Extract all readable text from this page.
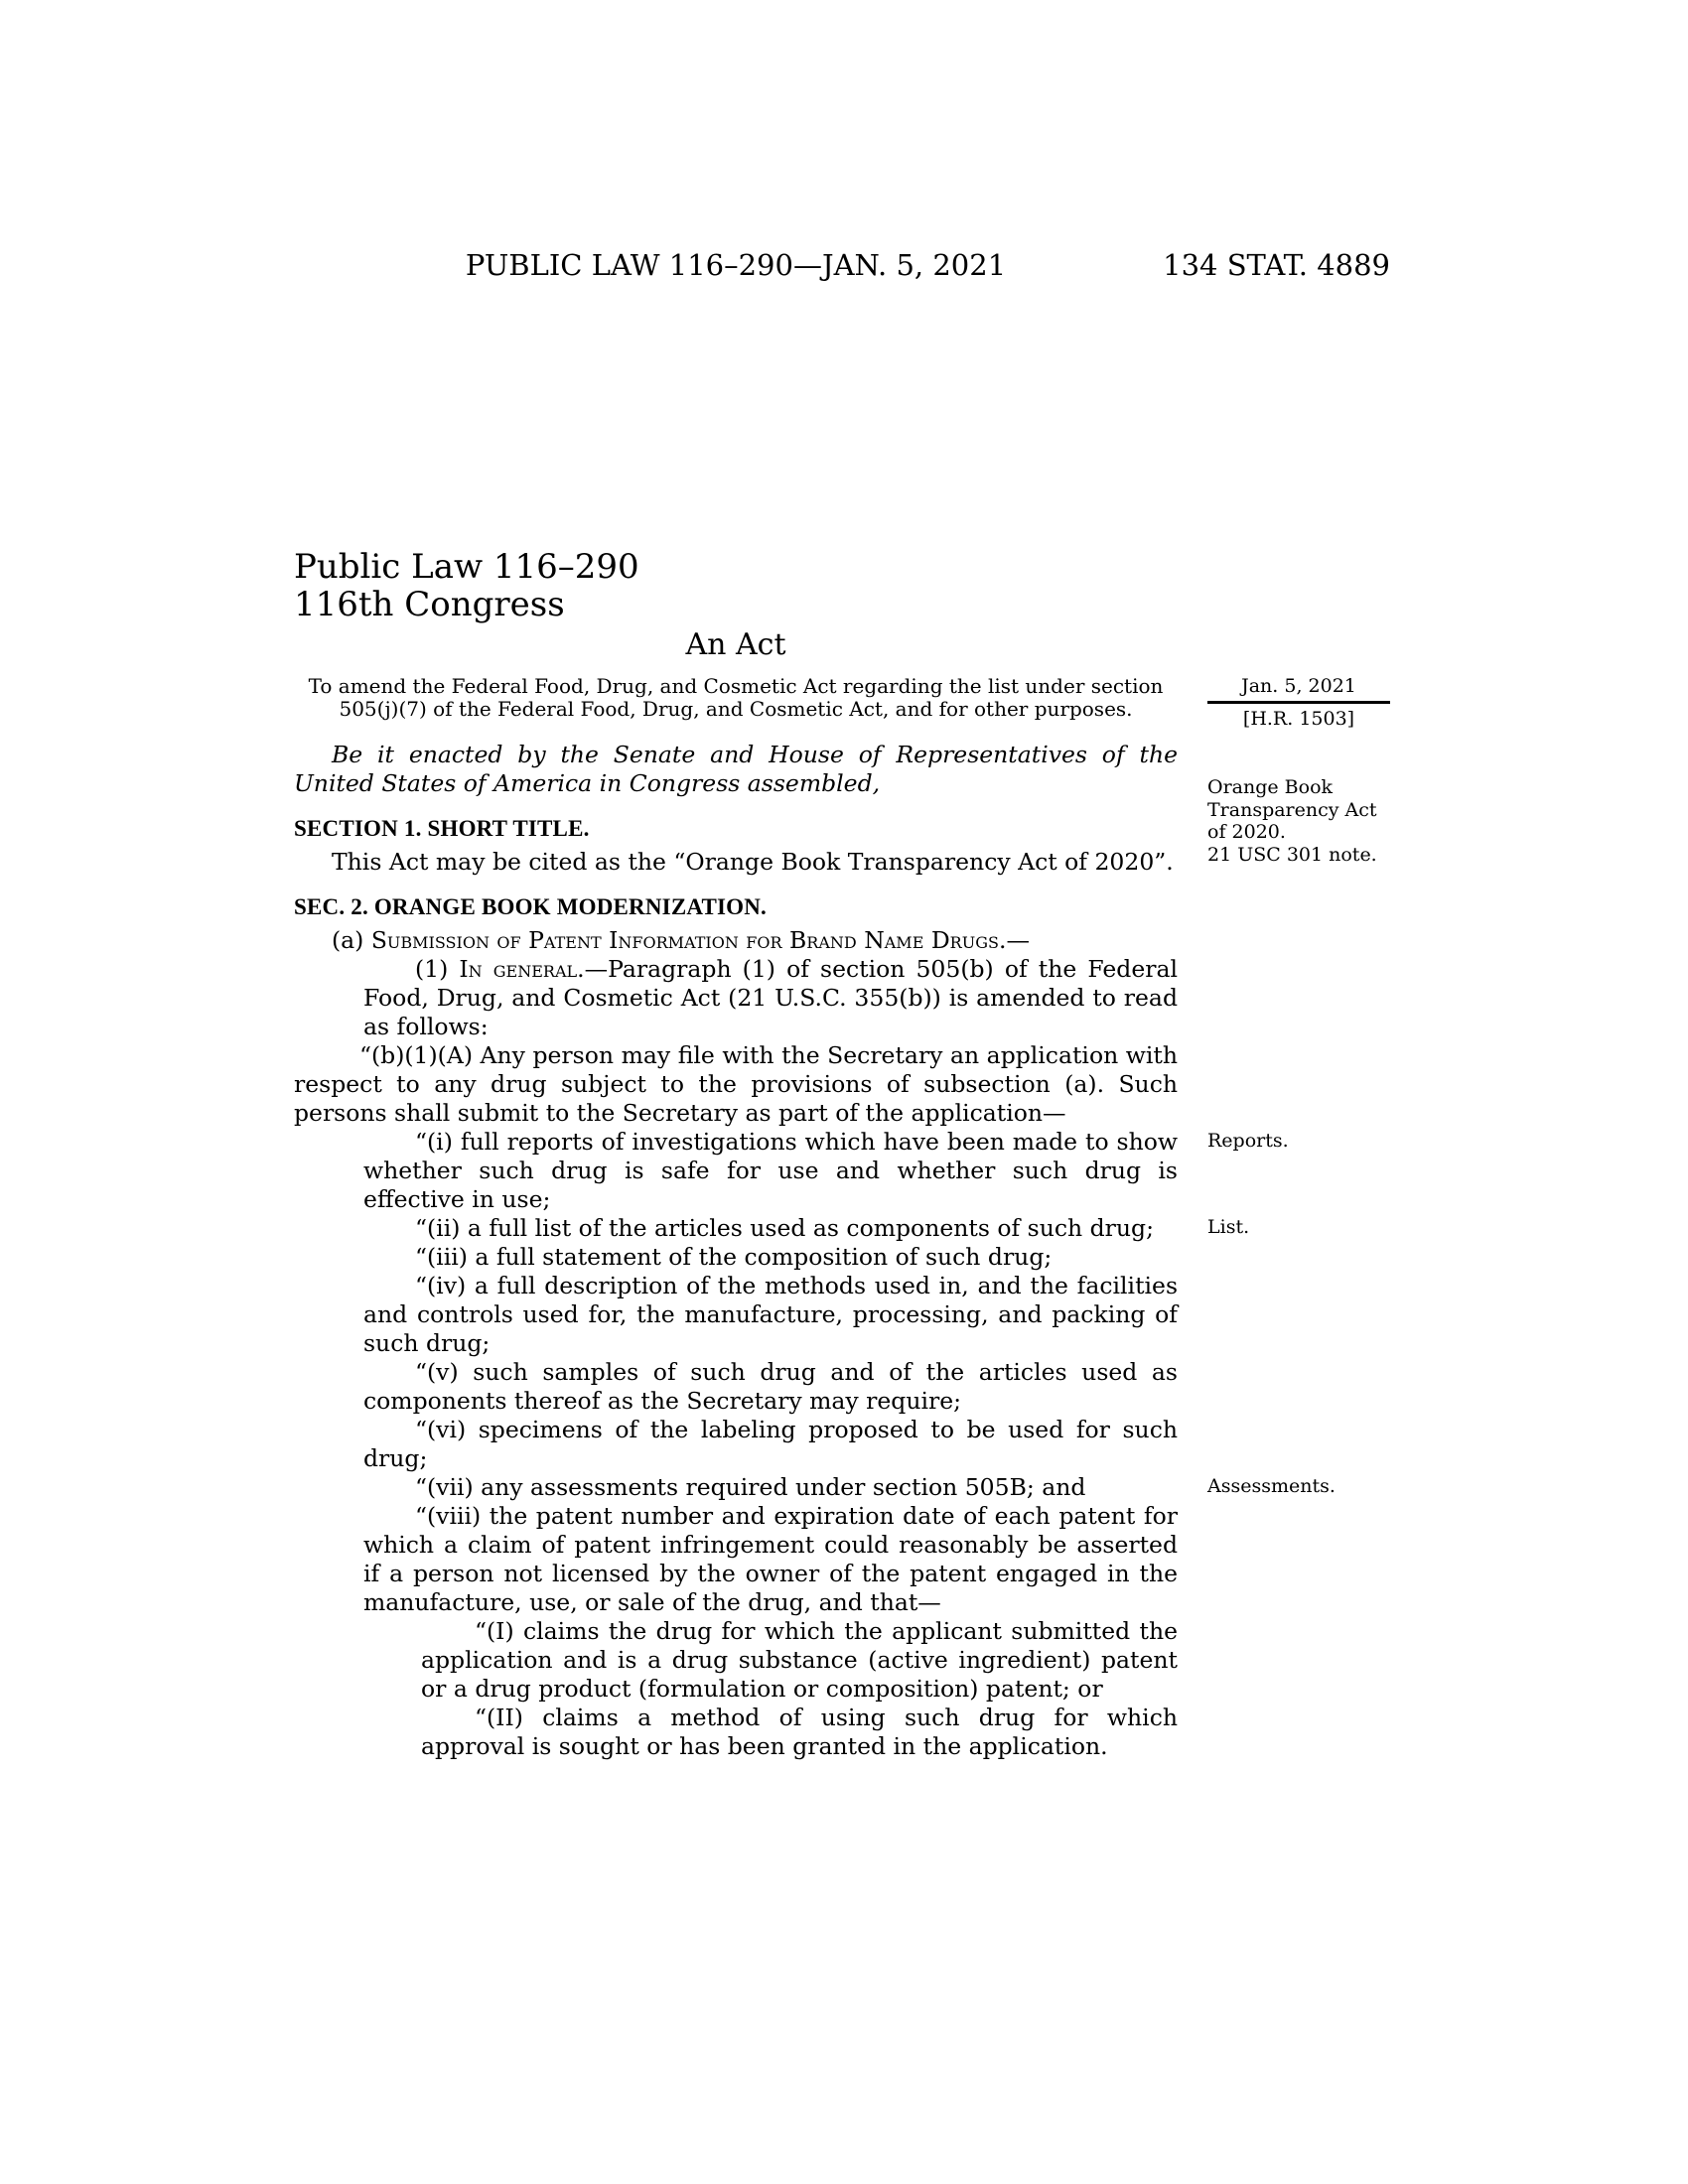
PUBLIC LAW 116–290—JAN. 5, 2021	134 STAT. 4889
Public Law 116–290
116th Congress
An Act

To amend the Federal Food, Drug, and Cosmetic Act regarding the list under section 505(j)(7) of the Federal Food, Drug, and Cosmetic Act, and for other purposes.

Jan. 5, 2021
[H.R. 1503]

Be it enacted by the Senate and House of Representatives of the United States of America in Congress assembled,	Orange Book Transparency Act of 2020.
21 USC 301 note.
SECTION 1. SHORT TITLE.

This Act may be cited as the “Orange Book Transparency Act of 2020”.

SEC. 2. ORANGE BOOK MODERNIZATION.

(a) Submission of Patent Information for Brand Name Drugs.—

(1) In general.—Paragraph (1) of section 505(b) of the Federal Food, Drug, and Cosmetic Act (21 U.S.C. 355(b)) is amended to read as follows:

“(b)(1)(A) Any person may file with the Secretary an application with respect to any drug subject to the provisions of subsection (a). Such persons shall submit to the Secretary as part of the application—

“(i) full reports of investigations which have been made to show whether such drug is safe for use and whether such drug is effective in use;
Reports.

“(ii) a full list of the articles used as components of such drug;	List.

“(iii) a full statement of the composition of such drug;

“(iv) a full description of the methods used in, and the facilities and controls used for, the manufacture, processing, and packing of such drug;

“(v) such samples of such drug and of the articles used as components thereof as the Secretary may require;

“(vi) specimens of the labeling proposed to be used for such drug;

“(vii) any assessments required under section 505B; and	Assessments.

“(viii) the patent number and expiration date of each patent for which a claim of patent infringement could reasonably be asserted if a person not licensed by the owner of the patent engaged in the manufacture, use, or sale of the drug, and that—

“(I) claims the drug for which the applicant submitted the application and is a drug substance (active ingredient) patent or a drug product (formulation or composition) patent; or

“(II) claims a method of using such drug for which approval is sought or has been granted in the application.
